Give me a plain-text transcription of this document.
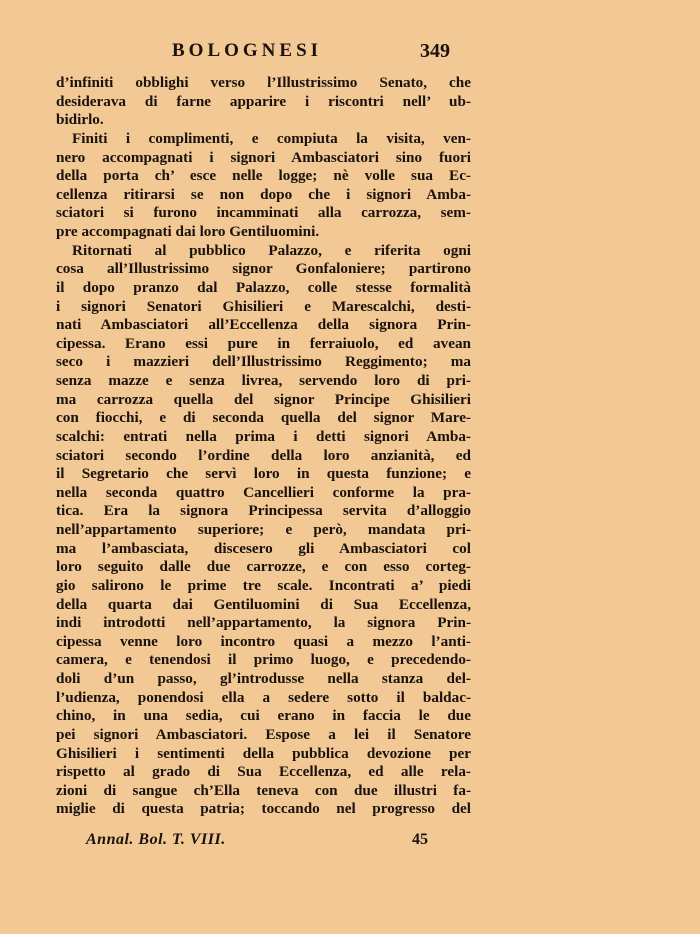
BOLOGNESI	349
d’infiniti obblighi verso l’Illustrissimo Senato, che
desiderava di farne apparire i riscontri nell’ ub-
bidirlo.
Finiti i complimenti, e compiuta la visita, ven-
nero accompagnati i signori Ambasciatori sino fuori
della porta ch’ esce nelle logge; nè volle sua Ec-
cellenza ritirarsi se non dopo che i signori Amba-
sciatori si furono incamminati alla carrozza, sem-
pre accompagnati dai loro Gentiluomini.
Ritornati al pubblico Palazzo, e riferita ogni
cosa all’Illustrissimo signor Gonfaloniere; partirono
il dopo pranzo dal Palazzo, colle stesse formalità
i signori Senatori Ghisilieri e Marescalchi, desti-
nati Ambasciatori all’Eccellenza della signora Prin-
cipessa. Erano essi pure in ferraiuolo, ed avean
seco i mazzieri dell’Illustrissimo Reggimento; ma
senza mazze e senza livrea, servendo loro di pri-
ma carrozza quella del signor Principe Ghisilieri
con fiocchi, e di seconda quella del signor Mare-
scalchi: entrati nella prima i detti signori Amba-
sciatori secondo l’ordine della loro anzianità, ed
il Segretario che servì loro in questa funzione; e
nella seconda quattro Cancellieri conforme la pra-
tica. Era la signora Principessa servita d’alloggio
nell’appartamento superiore; e però, mandata pri-
ma l’ambasciata, discesero gli Ambasciatori col
loro seguito dalle due carrozze, e con esso corteg-
gio salirono le prime tre scale. Incontrati a’ piedi
della quarta dai Gentiluomini di Sua Eccellenza,
indi introdotti nell’appartamento, la signora Prin-
cipessa venne loro incontro quasi a mezzo l’anti-
camera, e tenendosi il primo luogo, e precedendo-
doli d’un passo, gl’introdusse nella stanza del-
l’udienza, ponendosi ella a sedere sotto il baldac-
chino, in una sedia, cui erano in faccia le due
pei signori Ambasciatori. Espose a lei il Senatore
Ghisilieri i sentimenti della pubblica devozione per
rispetto al grado di Sua Eccellenza, ed alle rela-
zioni di sangue ch’Ella teneva con due illustri fa-
miglie di questa patria; toccando nel progresso del
Annal. Bol. T. VIII.	45
